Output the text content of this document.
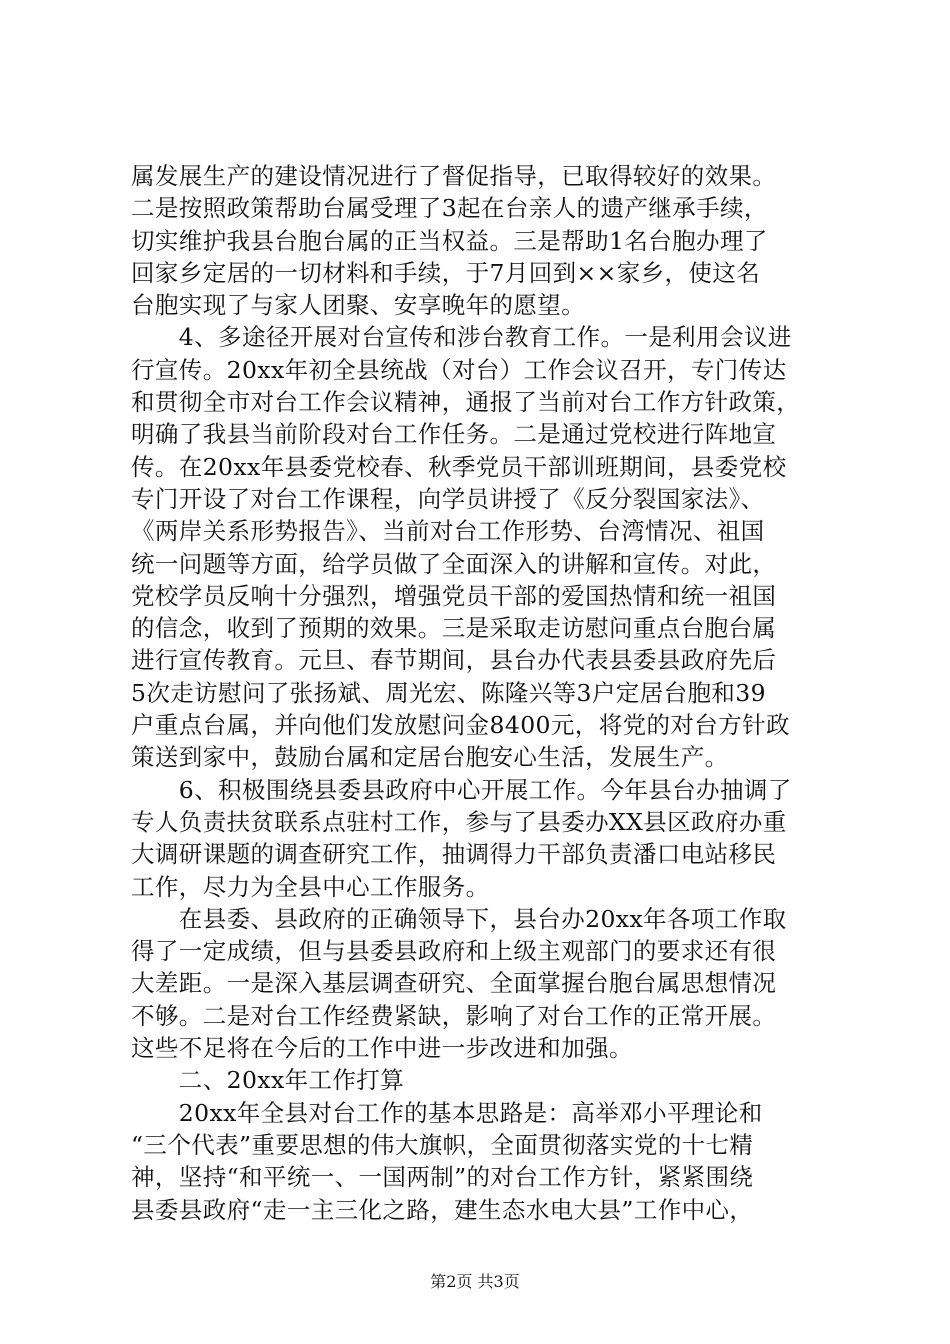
属发展生产的建设情况进行了督促指导，已取得较好的效果。
二是按照政策帮助台属受理了3起在台亲人的遗产继承手续，
切实维护我县台胞台属的正当权益。三是帮助1名台胞办理了
回家乡定居的一切材料和手续，于7月回到××家乡，使这名
台胞实现了与家人团聚、安享晚年的愿望。
　　4、多途径开展对台宣传和涉台教育工作。一是利用会议进
行宣传。20xx年初全县统战（对台）工作会议召开，专门传达
和贯彻全市对台工作会议精神，通报了当前对台工作方针政策，
明确了我县当前阶段对台工作任务。二是通过党校进行阵地宣
传。在20xx年县委党校春、秋季党员干部训班期间，县委党校
专门开设了对台工作课程，向学员讲授了《反分裂国家法》、
《两岸关系形势报告》、当前对台工作形势、台湾情况、祖国
统一问题等方面，给学员做了全面深入的讲解和宣传。对此，
党校学员反响十分强烈，增强党员干部的爱国热情和统一祖国
的信念，收到了预期的效果。三是采取走访慰问重点台胞台属
进行宣传教育。元旦、春节期间，县台办代表县委县政府先后
5次走访慰问了张扬斌、周光宏、陈隆兴等3户定居台胞和39
户重点台属，并向他们发放慰问金8400元，将党的对台方针政
策送到家中，鼓励台属和定居台胞安心生活，发展生产。
　　6、积极围绕县委县政府中心开展工作。今年县台办抽调了
专人负责扶贫联系点驻村工作，参与了县委办XX县区政府办重
大调研课题的调查研究工作，抽调得力干部负责潘口电站移民
工作，尽力为全县中心工作服务。
　　在县委、县政府的正确领导下，县台办20xx年各项工作取
得了一定成绩，但与县委县政府和上级主观部门的要求还有很
大差距。一是深入基层调查研究、全面掌握台胞台属思想情况
不够。二是对台工作经费紧缺，影响了对台工作的正常开展。
这些不足将在今后的工作中进一步改进和加强。
　　二、20xx年工作打算
　　20xx年全县对台工作的基本思路是：高举邓小平理论和
“三个代表”重要思想的伟大旗帜，全面贯彻落实党的十七精
神，坚持“和平统一、一国两制”的对台工作方针，紧紧围绕
县委县政府“走一主三化之路，建生态水电大县”工作中心，
第2页 共3页
